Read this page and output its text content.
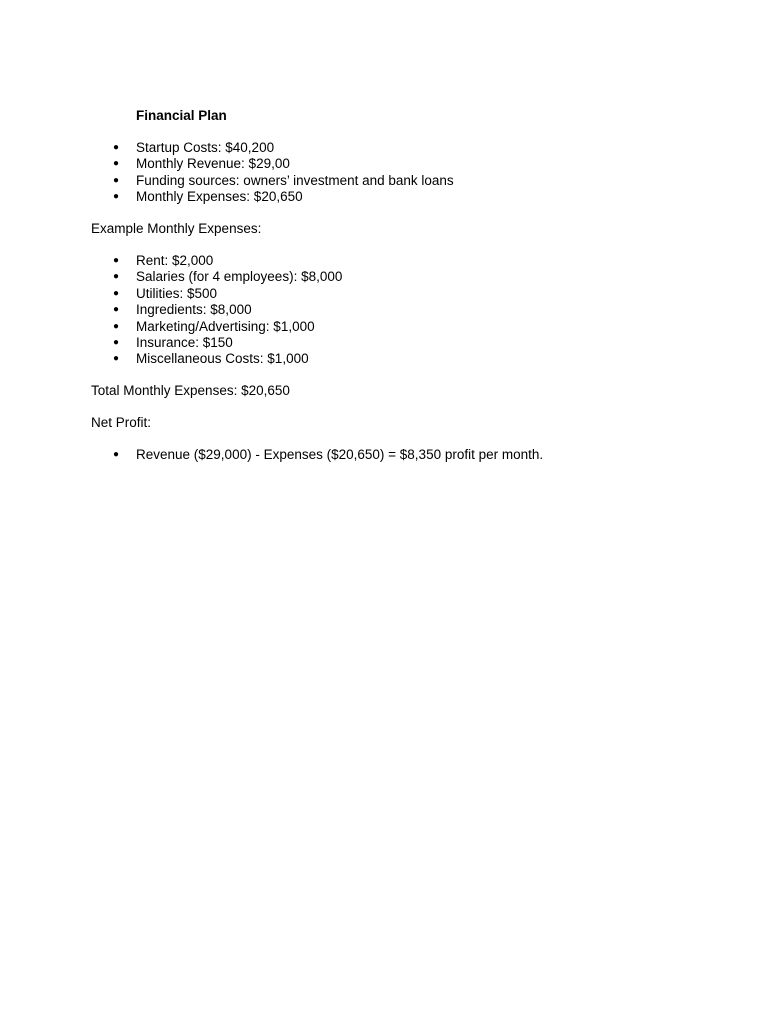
Financial Plan

● Startup Costs: $40,200
● Monthly Revenue: $29,00
● Funding sources: owners’ investment and bank loans
● Monthly Expenses: $20,650

Example Monthly Expenses:

● Rent: $2,000
● Salaries (for 4 employees): $8,000
● Utilities: $500
● Ingredients: $8,000
● Marketing/Advertising: $1,000
● Insurance: $150
● Miscellaneous Costs: $1,000

Total Monthly Expenses: $20,650

Net Profit:

● Revenue ($29,000) - Expenses ($20,650) = $8,350 profit per month.
